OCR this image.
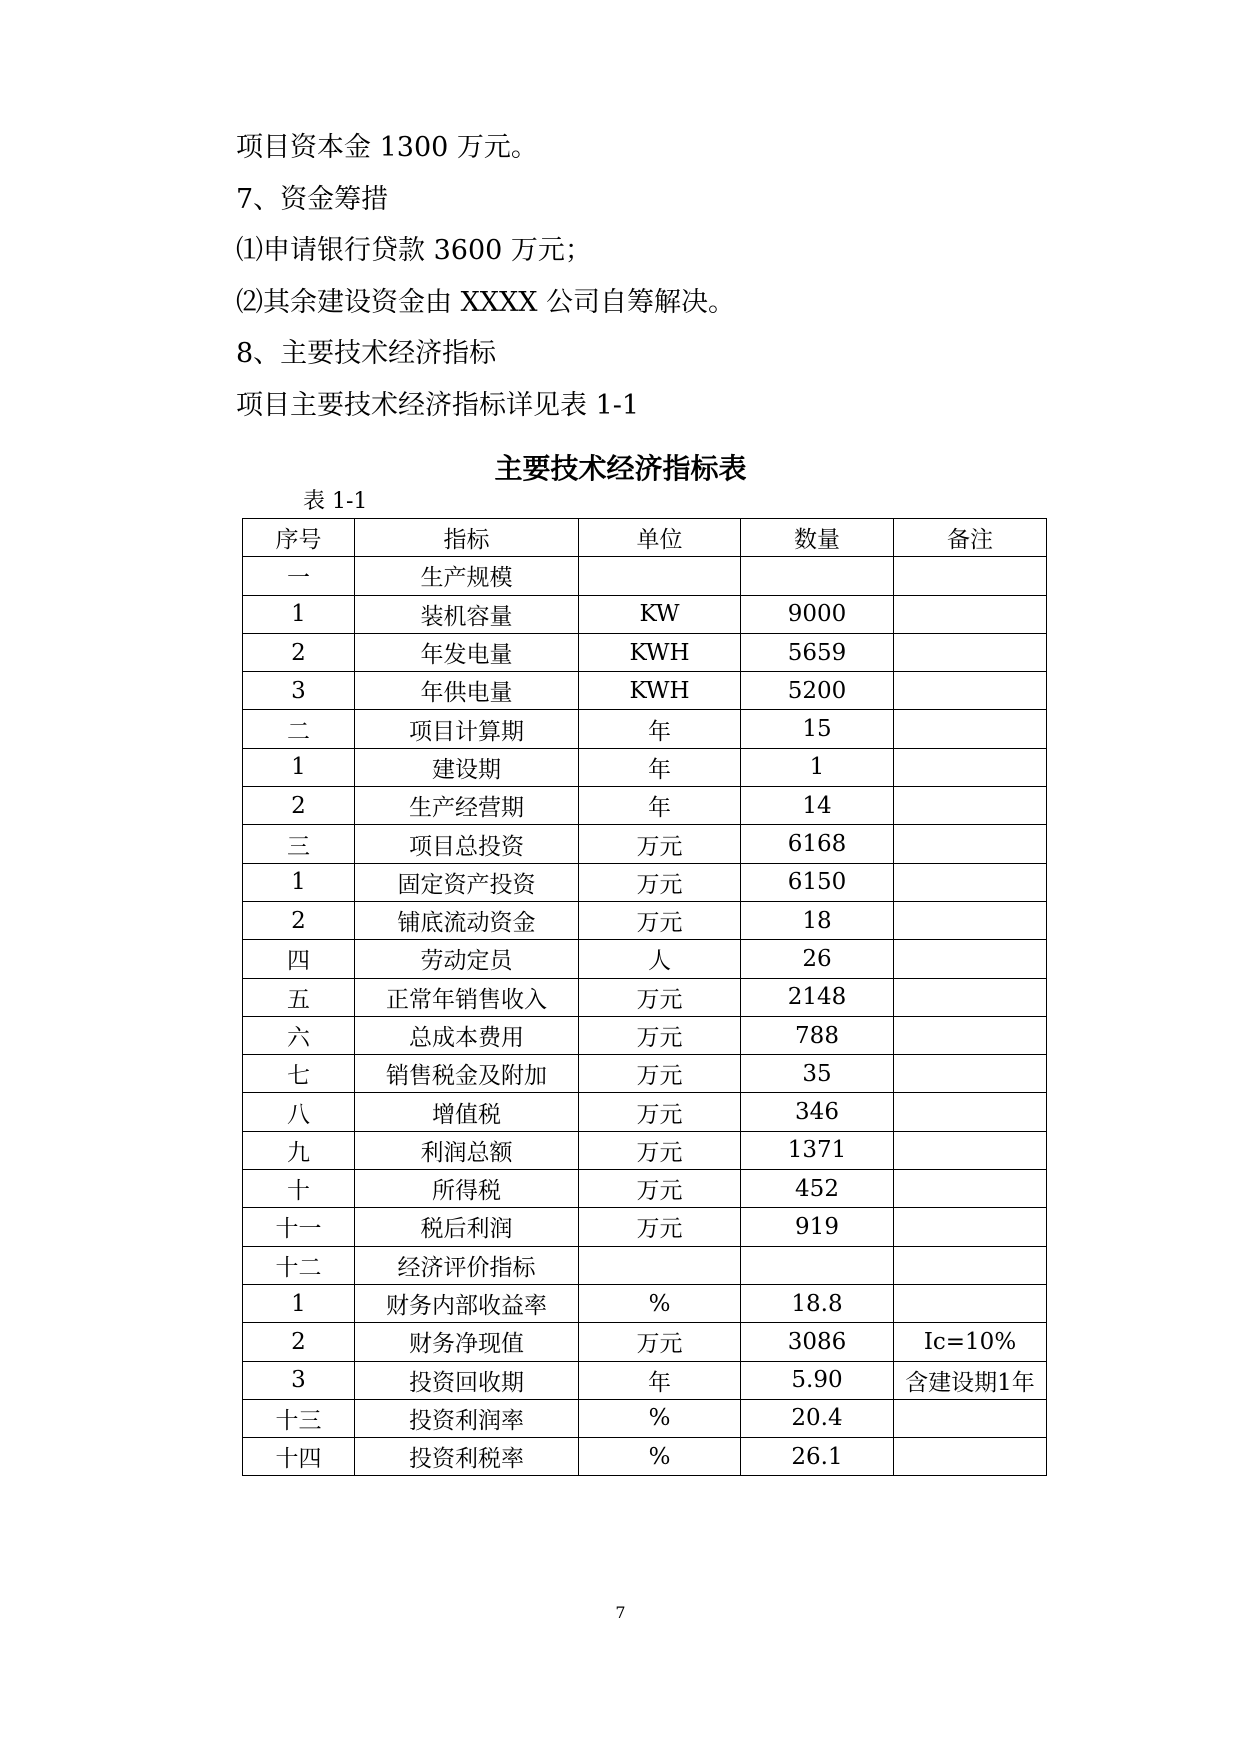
项目资本金 1300 万元。
7、资金筹措
⑴申请银行贷款 3600 万元；
⑵其余建设资金由 XXXX 公司自筹解决。
8、主要技术经济指标
项目主要技术经济指标详见表 1-1
主要技术经济指标表
表 1-1
序号	指标	单位	数量	备注
一	生产规模			
1	装机容量	KW	9000	
2	年发电量	KWH	5659	
3	年供电量	KWH	5200	
二	项目计算期	年	15	
1	建设期	年	1	
2	生产经营期	年	14	
三	项目总投资	万元	6168	
1	固定资产投资	万元	6150	
2	铺底流动资金	万元	18	
四	劳动定员	人	26	
五	正常年销售收入	万元	2148	
六	总成本费用	万元	788	
七	销售税金及附加	万元	35	
八	增值税	万元	346	
九	利润总额	万元	1371	
十	所得税	万元	452	
十一	税后利润	万元	919	
十二	经济评价指标			
1	财务内部收益率	%	18.8	
2	财务净现值	万元	3086	Ic=10%
3	投资回收期	年	5.90	含建设期1年
十三	投资利润率	%	20.4	
十四	投资利税率	%	26.1	
7
